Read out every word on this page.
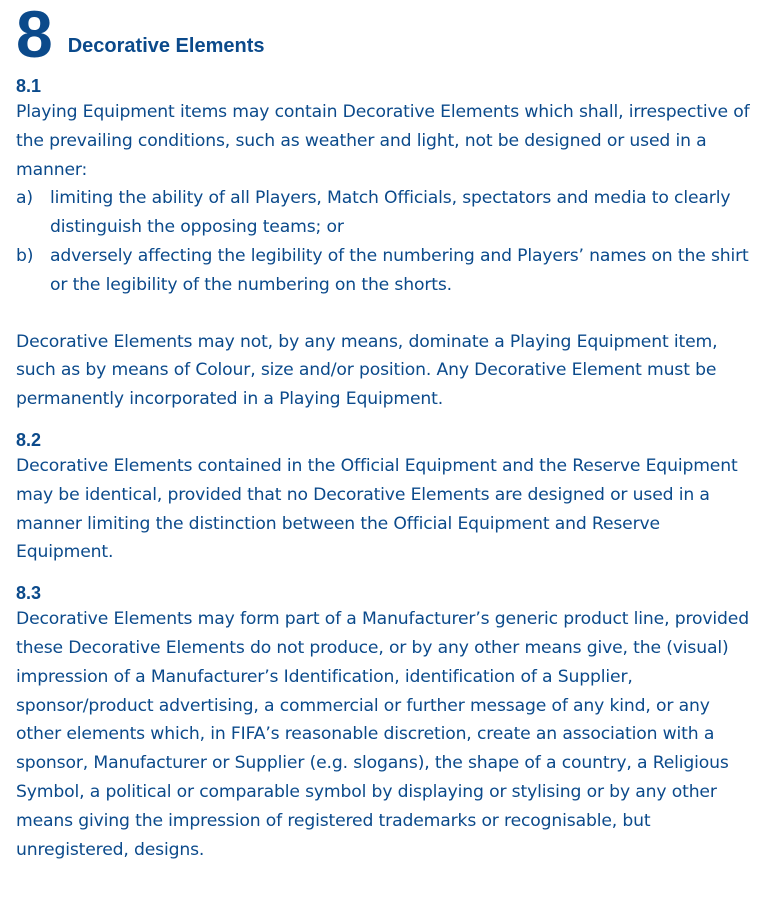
8 Decorative Elements
8.1

Playing Equipment items may contain Decorative Elements which shall, irrespective of the prevailing conditions, such as weather and light, not be designed or used in a manner:

a) limiting the ability of all Players, Match Officials, spectators and media to clearly distinguish the opposing teams; or
b) adversely affecting the legibility of the numbering and Players’ names on the shirt or the legibility of the numbering on the shorts.

Decorative Elements may not, by any means, dominate a Playing Equipment item, such as by means of Colour, size and/or position. Any Decorative Element must be permanently incorporated in a Playing Equipment.

8.2

Decorative Elements contained in the Official Equipment and the Reserve Equipment may be identical, provided that no Decorative Elements are designed or used in a manner limiting the distinction between the Official Equipment and Reserve Equipment.

8.3

Decorative Elements may form part of a Manufacturer’s generic product line, provided these Decorative Elements do not produce, or by any other means give, the (visual) impression of a Manufacturer’s Identification, identification of a Supplier, sponsor/product advertising, a commercial or further message of any kind, or any other elements which, in FIFA’s reasonable discretion, create an association with a sponsor, Manufacturer or Supplier (e.g. slogans), the shape of a country, a Religious Symbol, a political or comparable symbol by displaying or stylising or by any other means giving the impression of registered trademarks or recognisable, but unregistered, designs.
